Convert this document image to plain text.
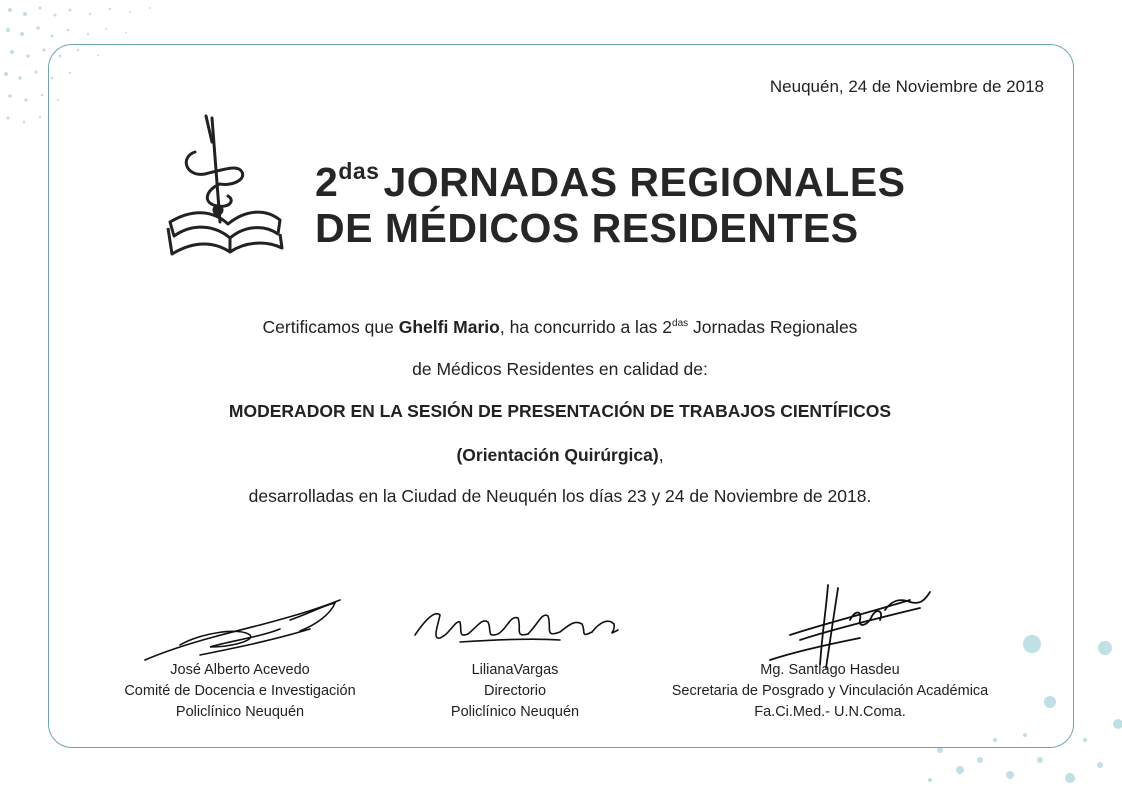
Neuquén, 24 de Noviembre de 2018
$2^{das}JORNADAS$ REGIONALES
DE MÉDICOS RESIDENTES
Certificamos que Ghelfi Mario, ha concurrido a las $2^{das}$ Jornadas Regionales
de Médicos Residentes en calidad de:
MODERADOR EN LA SESIÓN DE PRESENTACIÓN DE TRABAJOS CIENTÍFICOS
(Orientación Quirúrgica),
desarrolladas en la Ciudad de Neuquén los días 23 y 24 de Noviembre de 2018.
José Alberto Acevedo
Comité de Docencia e Investigación
Policlínico Neuquén
LilianaVargas
Directorio
Policlínico Neuquén
Mg. Santiago Hasdeu
Secretaria de Posgrado y Vinculación Académica
Fa.Ci.Med.- U.N.Coma.
